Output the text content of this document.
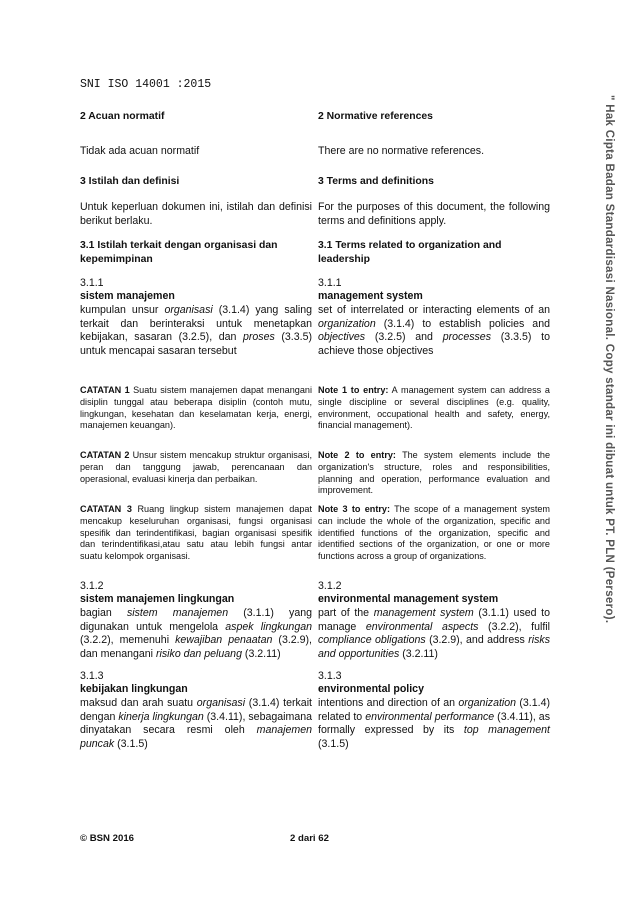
SNI ISO 14001 :2015

2 Acuan normatif

Tidak ada acuan normatif

3 Istilah dan definisi

Untuk keperluan dokumen ini, istilah dan definisi berikut berlaku.

3.1 Istilah terkait dengan organisasi dan kepemimpinan

3.1.1

sistem manajemen

kumpulan unsur organisasi (3.1.4) yang saling terkait dan berinteraksi untuk menetapkan kebijakan, sasaran (3.2.5), dan proses (3.3.5) untuk mencapai sasaran tersebut

CATATAN 1 Suatu sistem manajemen dapat menangani disiplin tunggal atau beberapa disiplin (contoh mutu, lingkungan, kesehatan dan keselamatan kerja, energi, manajemen keuangan).

CATATAN 2 Unsur sistem mencakup struktur organisasi, peran dan tanggung jawab, perencanaan dan operasional, evaluasi kinerja dan perbaikan.

CATATAN 3 Ruang lingkup sistem manajemen dapat mencakup keseluruhan organisasi, fungsi organisasi spesifik dan terindentifikasi, bagian organisasi spesifik dan terindentifikasi,atau satu atau lebih fungsi antar suatu kelompok organisasi.

3.1.2

sistem manajemen lingkungan

bagian sistem manajemen (3.1.1) yang digunakan untuk mengelola aspek lingkungan (3.2.2), memenuhi kewajiban penaatan (3.2.9), dan menangani risiko dan peluang (3.2.11)

3.1.3

kebijakan lingkungan

maksud dan arah suatu organisasi (3.1.4) terkait dengan kinerja lingkungan (3.4.11), sebagaimana dinyatakan secara resmi oleh manajemen puncak (3.1.5)

2 Normative references

There are no normative references.

3 Terms and definitions

For the purposes of this document, the following terms and definitions apply.

3.1 Terms related to organization and leadership

3.1.1

management system

set of interrelated or interacting elements of an organization (3.1.4) to establish policies and objectives (3.2.5) and processes (3.3.5) to achieve those objectives

Note 1 to entry: A management system can address a single discipline or several disciplines (e.g. quality, environment, occupational health and safety, energy, financial management).

Note 2 to entry: The system elements include the organization's structure, roles and responsibilities, planning and operation, performance evaluation and improvement.

Note 3 to entry: The scope of a management system can include the whole of the organization, specific and identified functions of the organization, specific and identified sections of the organization, or one or more functions across a group of organizations.

3.1.2

environmental management system

part of the management system (3.1.1) used to manage environmental aspects (3.2.2), fulfil compliance obligations (3.2.9), and address risks and opportunities (3.2.11)

3.1.3

environmental policy

intentions and direction of an organization (3.1.4) related to environmental performance (3.4.11), as formally expressed by its top management (3.1.5)

" Hak Cipta Badan Standardisasi Nasional. Copy standar ini dibuat untuk PT. PLN (Persero).
© BSN 2016	2 dari 62
